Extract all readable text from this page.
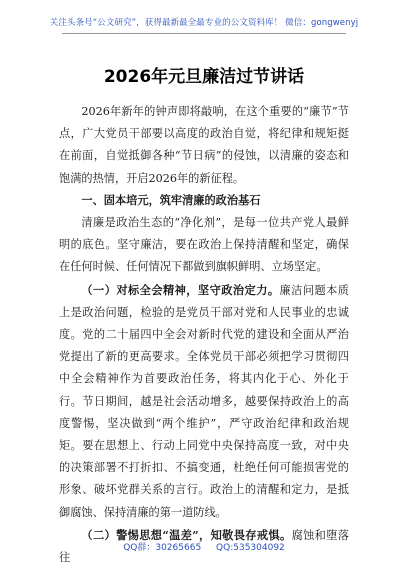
关注头条号“公文研究”，获得最新最全最专业的公文资料库！ 微信：gongwenyj
2026年元旦廉洁过节讲话

2026年新年的钟声即将敲响，在这个重要的“廉节”节点，广大党员干部要以高度的政治自觉，将纪律和规矩挺在前面，自觉抵御各种“节日病”的侵蚀，以清廉的姿态和饱满的热情，开启2026年的新征程。

一、固本培元，筑牢清廉的政治基石

清廉是政治生态的“净化剂”，是每一位共产党人最鲜明的底色。坚守廉洁，要在政治上保持清醒和坚定，确保在任何时候、任何情况下都做到旗帜鲜明、立场坚定。

（一）对标全会精神，坚守政治定力。廉洁问题本质上是政治问题，检验的是党员干部对党和人民事业的忠诚度。党的二十届四中全会对新时代党的建设和全面从严治党提出了新的更高要求。全体党员干部必须把学习贯彻四中全会精神作为首要政治任务，将其内化于心、外化于行。节日期间，越是社会活动增多，越要保持政治上的高度警惕，坚决做到“两个维护”，严守政治纪律和政治规矩。要在思想上、行动上同党中央保持高度一致，对中央的决策部署不打折扣、不搞变通，杜绝任何可能损害党的形象、破坏党群关系的言行。政治上的清醒和定力，是抵御腐蚀、保持清廉的第一道防线。

（二）警惕思想“温差”，知敬畏存戒惧。腐蚀和堕落往

QQ群：30265665 QQ:535304092
